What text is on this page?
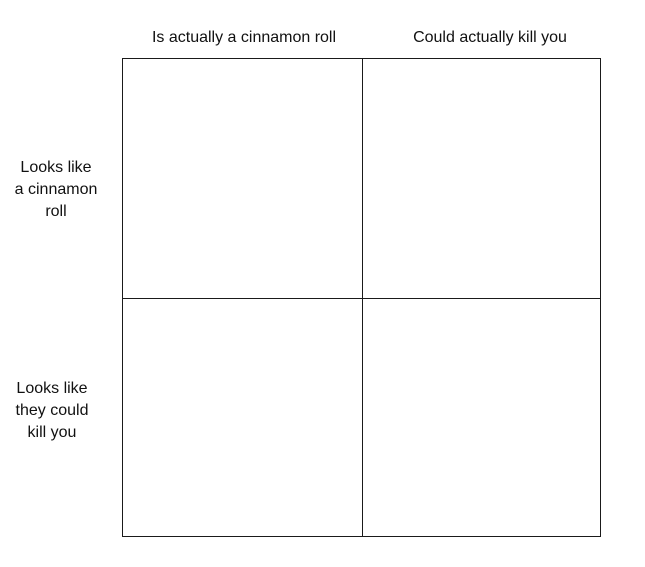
Is actually a cinnamon roll	Could actually kill you
Looks like
a cinnamon
roll
Looks like
they could
kill you
